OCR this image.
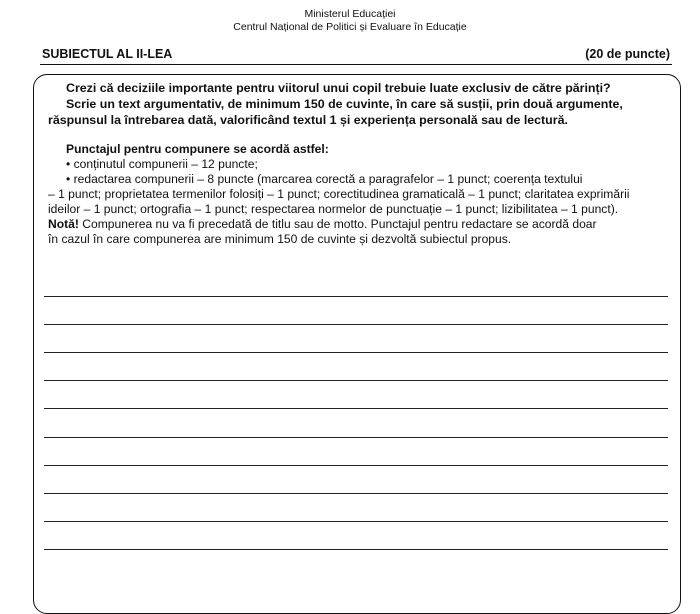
Ministerul Educației
Centrul Național de Politici și Evaluare în Educație
SUBIECTUL AL II-LEA	(20 de puncte)
Crezi că deciziile importante pentru viitorul unui copil trebuie luate exclusiv de către părinți?
Scrie un text argumentativ, de minimum 150 de cuvinte, în care să susții, prin două argumente,
răspunsul la întrebarea dată, valorificând textul 1 și experiența personală sau de lectură.
Punctajul pentru compunere se acordă astfel:
• conținutul compunerii – 12 puncte;
• redactarea compunerii – 8 puncte (marcarea corectă a paragrafelor – 1 punct; coerența textului
– 1 punct; proprietatea termenilor folosiți – 1 punct; corectitudinea gramaticală – 1 punct; claritatea exprimării
ideilor – 1 punct; ortografia – 1 punct; respectarea normelor de punctuație – 1 punct; lizibilitatea – 1 punct).
Notă! Compunerea nu va fi precedată de titlu sau de motto. Punctajul pentru redactare se acordă doar
în cazul în care compunerea are minimum 150 de cuvinte și dezvoltă subiectul propus.
